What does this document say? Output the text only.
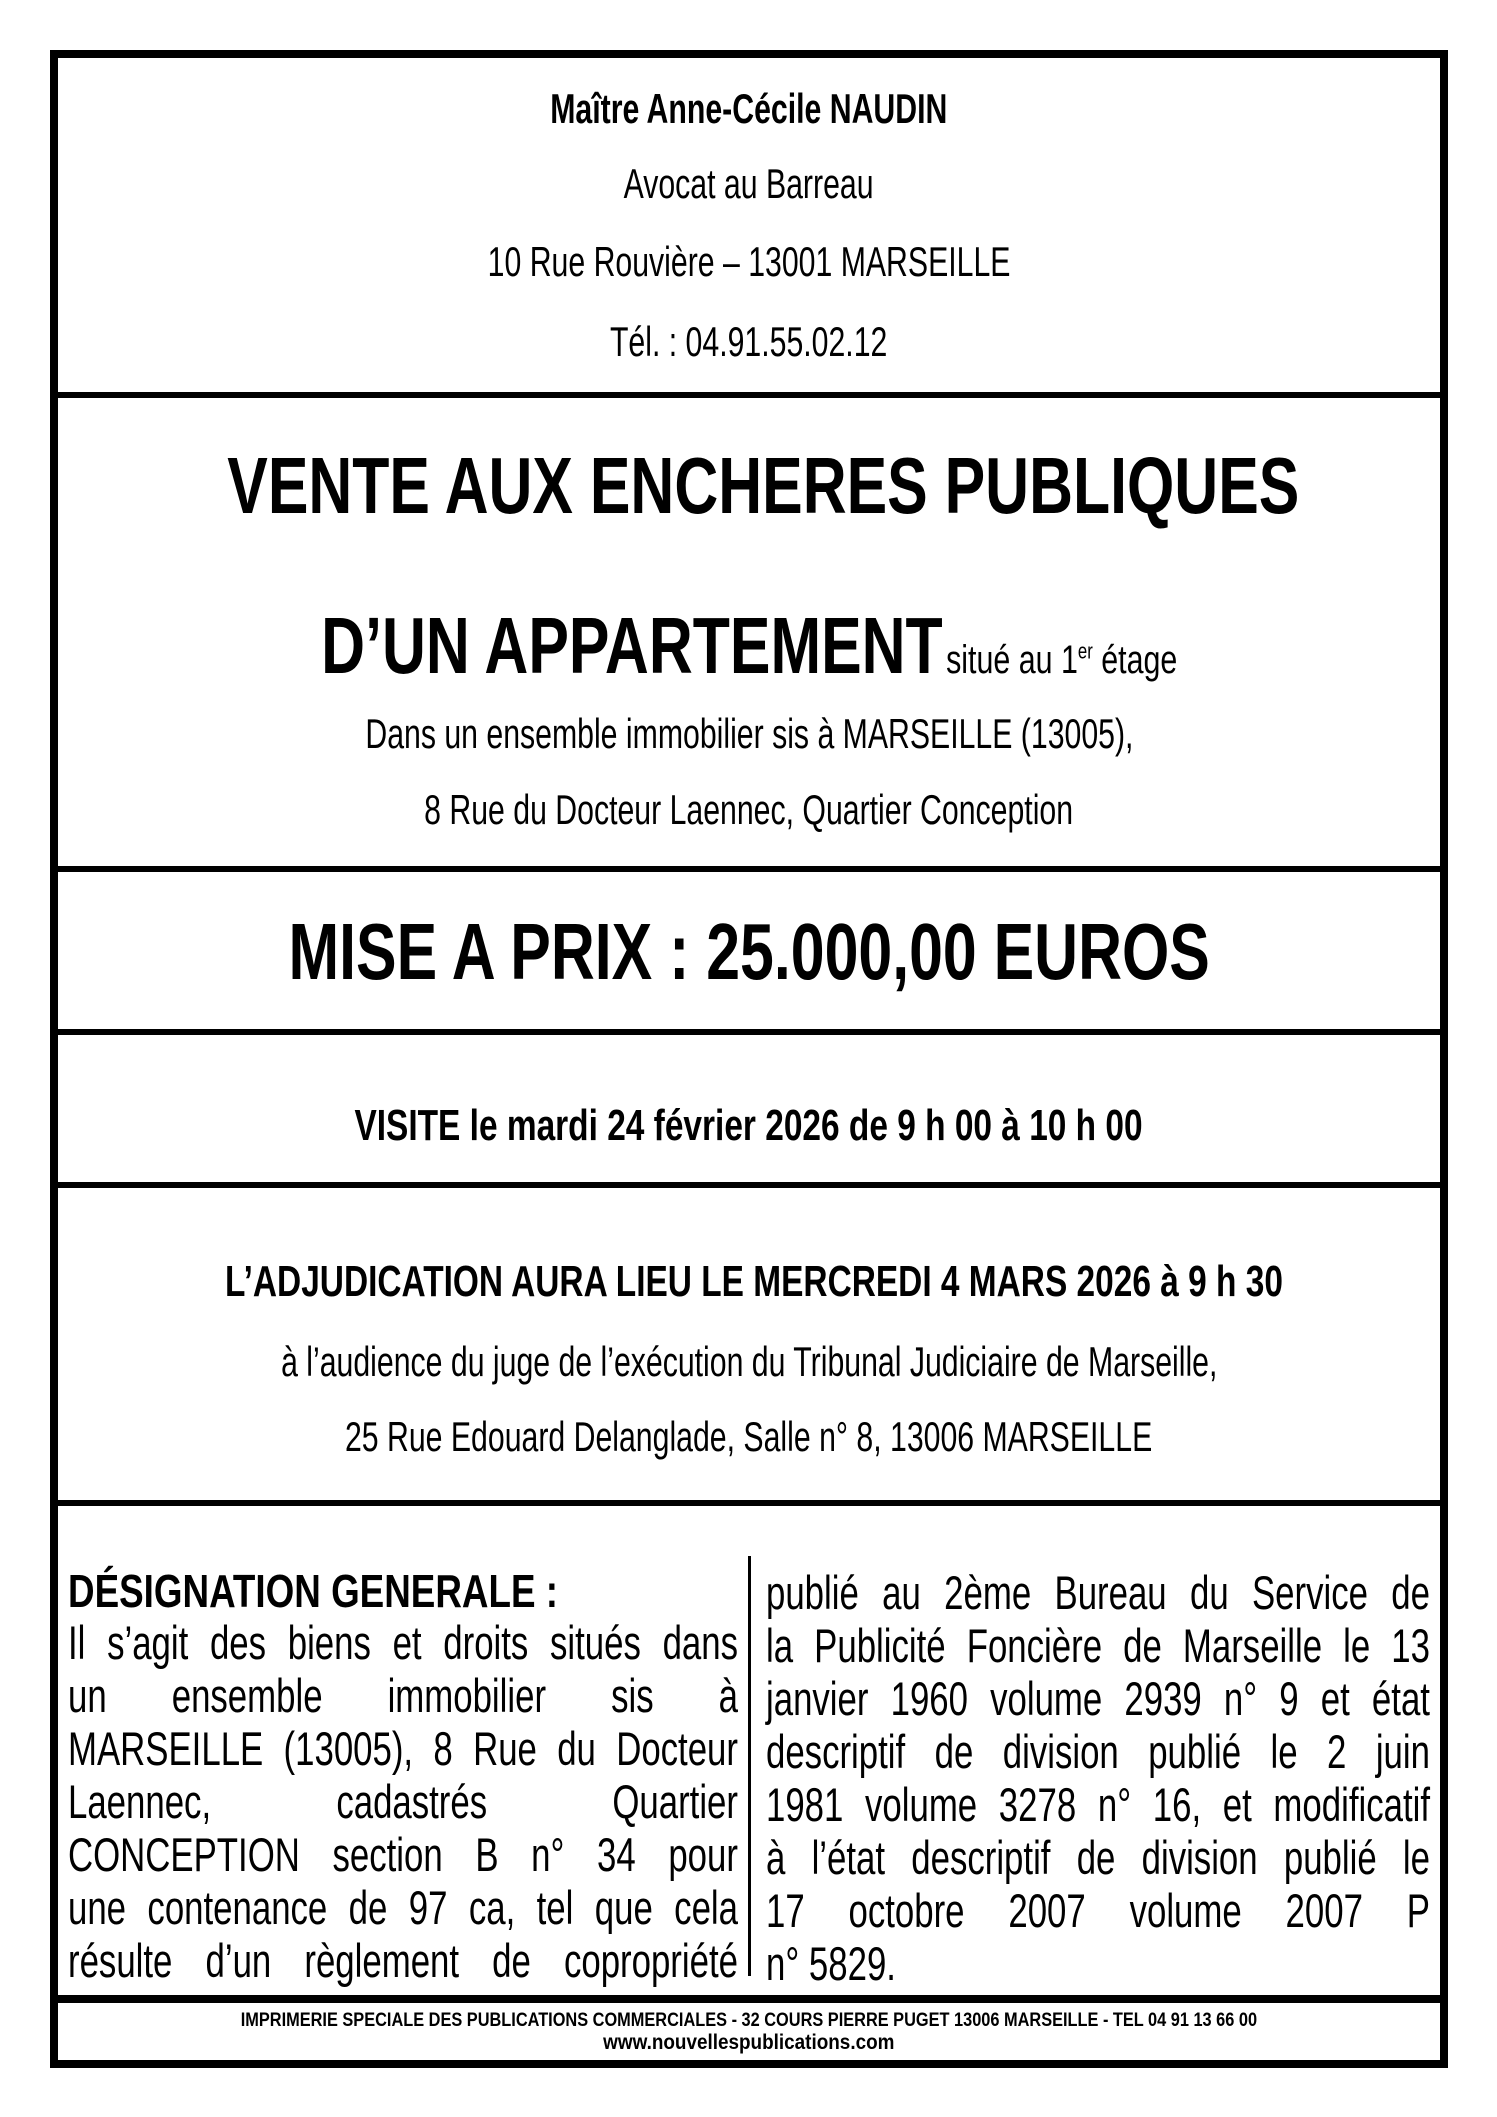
Maître Anne-Cécile NAUDIN
Avocat au Barreau
10 Rue Rouvière – 13001 MARSEILLE
Tél. : 04.91.55.02.12
VENTE AUX ENCHERES PUBLIQUES
D’UN APPARTEMENT situé au 1er étage
Dans un ensemble immobilier sis à MARSEILLE (13005),
8 Rue du Docteur Laennec, Quartier Conception
MISE A PRIX : 25.000,00 EUROS
VISITE le mardi 24 février 2026 de 9 h 00 à 10 h 00
L’ADJUDICATION AURA LIEU LE MERCREDI 4 MARS 2026 à 9 h 30
à l’audience du juge de l’exécution du Tribunal Judiciaire de Marseille,
25 Rue Edouard Delanglade, Salle n° 8, 13006 MARSEILLE
DÉSIGNATION GENERALE :
Il s’agit des biens et droits situés dans
un ensemble immobilier sis à
MARSEILLE (13005), 8 Rue du Docteur
Laennec,	cadastrés	Quartier
CONCEPTION section B n° 34 pour
une contenance de 97 ca, tel que cela
résulte d’un règlement de copropriété
publié au 2ème Bureau du Service de
la Publicité Foncière de Marseille le 13
janvier 1960 volume 2939 n° 9 et état
descriptif de division publié le 2 juin
1981 volume 3278 n° 16, et modificatif
à l’état descriptif de division publié le
17 octobre 2007 volume 2007 P
n° 5829.
IMPRIMERIE SPECIALE DES PUBLICATIONS COMMERCIALES - 32 COURS PIERRE PUGET 13006 MARSEILLE - TEL 04 91 13 66 00
www.nouvellespublications.com
